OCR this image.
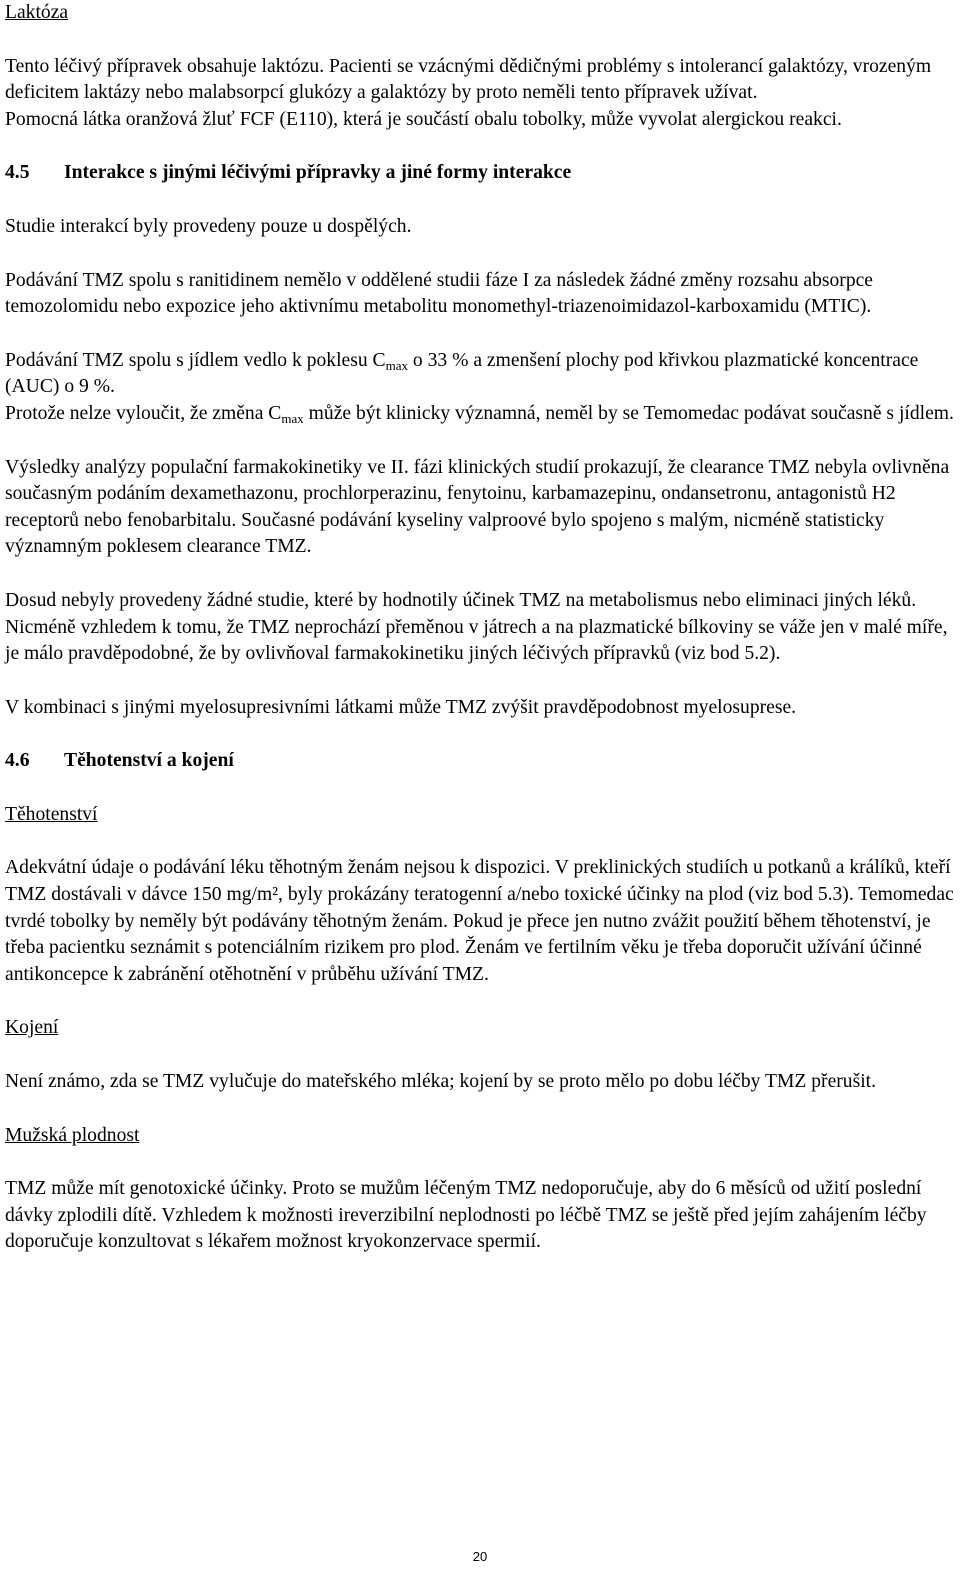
Laktóza

Tento léčivý přípravek obsahuje laktózu. Pacienti se vzácnými dědičnými problémy s intolerancí galaktózy, vrozeným deficitem laktázy nebo malabsorpcí glukózy a galaktózy by proto neměli tento přípravek užívat.

Pomocná látka oranžová žluť FCF (E110), která je součástí obalu tobolky, může vyvolat alergickou reakci.

4.5 Interakce s jinými léčivými přípravky a jiné formy interakce

Studie interakcí byly provedeny pouze u dospělých.

Podávání TMZ spolu s ranitidinem nemělo v oddělené studii fáze I za následek žádné změny rozsahu absorpce temozolomidu nebo expozice jeho aktivnímu metabolitu monomethyl-triazenoimidazol-karboxamidu (MTIC).

Podávání TMZ spolu s jídlem vedlo k poklesu $C_{max}$ o 33 % a zmenšení plochy pod křivkou plazmatické koncentrace (AUC) o 9 %.

Protože nelze vyloučit, že změna $C_{max}$ může být klinicky významná, neměl by se Temomedac podávat současně s jídlem.

Výsledky analýzy populační farmakokinetiky ve II. fázi klinických studií prokazují, že clearance TMZ nebyla ovlivněna současným podáním dexamethazonu, prochlorperazinu, fenytoinu, karbamazepinu, ondansetronu, antagonistů H2 receptorů nebo fenobarbitalu. Současné podávání kyseliny valproové bylo spojeno s malým, nicméně statisticky významným poklesem clearance TMZ.

Dosud nebyly provedeny žádné studie, které by hodnotily účinek TMZ na metabolismus nebo eliminaci jiných léků. Nicméně vzhledem k tomu, že TMZ neprochází přeměnou v játrech a na plazmatické bílkoviny se váže jen v malé míře, je málo pravděpodobné, že by ovlivňoval farmakokinetiku jiných léčivých přípravků (viz bod 5.2).

V kombinaci s jinými myelosupresivními látkami může TMZ zvýšit pravděpodobnost myelosuprese.

4.6 Těhotenství a kojení

Těhotenství

Adekvátní údaje o podávání léku těhotným ženám nejsou k dispozici. V preklinických studiích u potkanů a králíků, kteří TMZ dostávali v dávce 150 mg/m², byly prokázány teratogenní a/nebo toxické účinky na plod (viz bod 5.3). Temomedac tvrdé tobolky by neměly být podávány těhotným ženám. Pokud je přece jen nutno zvážit použití během těhotenství, je třeba pacientku seznámit s potenciálním rizikem pro plod. Ženám ve fertilním věku je třeba doporučit užívání účinné antikoncepce k zabránění otěhotnění v průběhu užívání TMZ.

Kojení

Není známo, zda se TMZ vylučuje do mateřského mléka; kojení by se proto mělo po dobu léčby TMZ přerušit.

Mužská plodnost

TMZ může mít genotoxické účinky. Proto se mužům léčeným TMZ nedoporučuje, aby do 6 měsíců od užití poslední dávky zplodili dítě. Vzhledem k možnosti ireverzibilní neplodnosti po léčbě TMZ se ještě před jejím zahájením léčby doporučuje konzultovat s lékařem možnost kryokonzervace spermií.

20
